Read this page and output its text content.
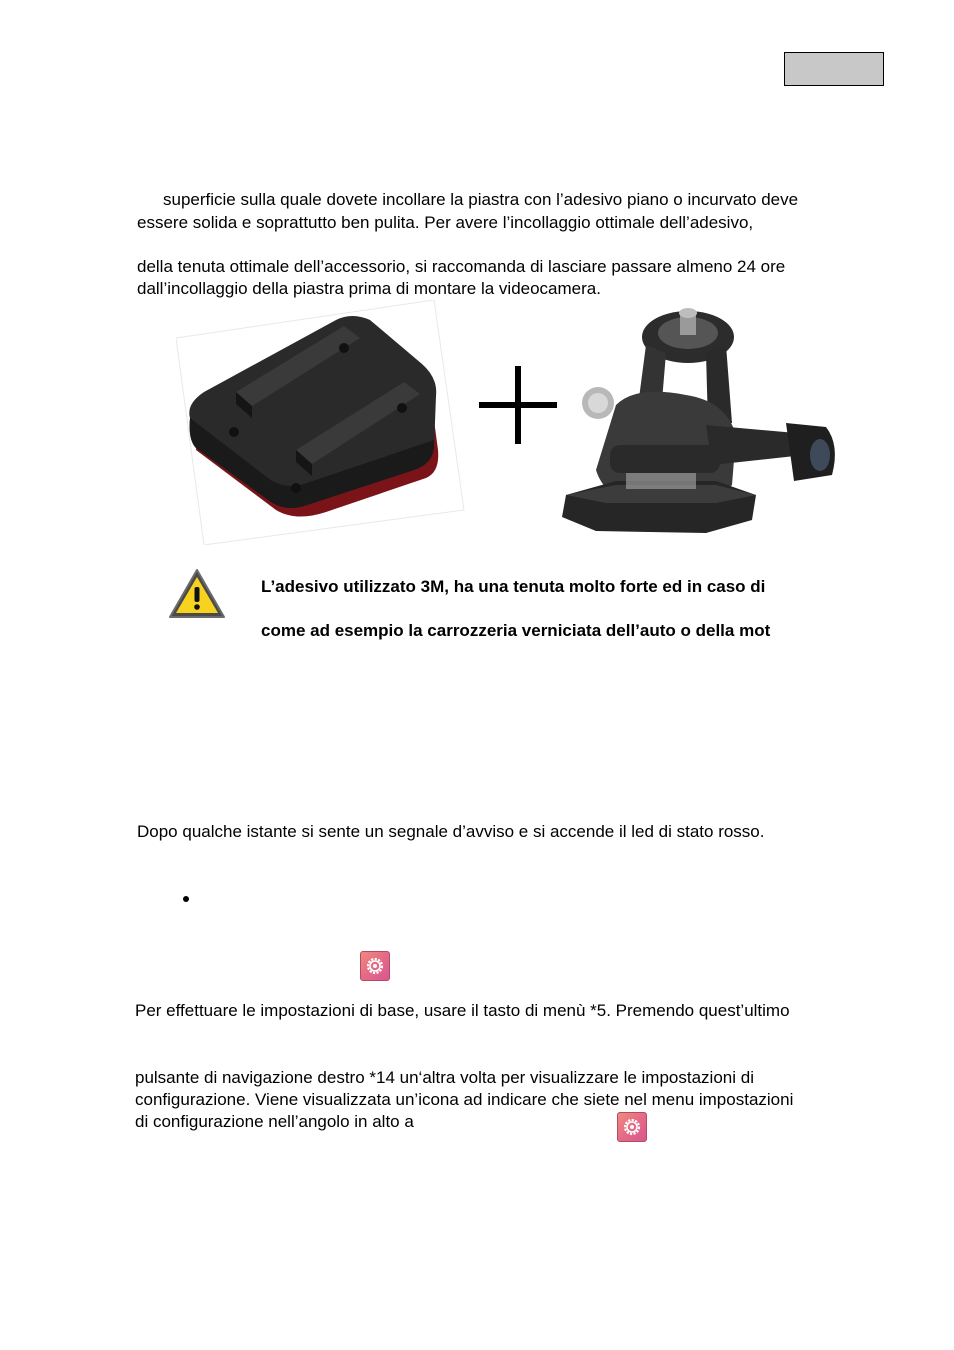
superficie sulla quale dovete incollare la piastra con l’adesivo piano o incurvato deve
essere solida e soprattutto ben pulita. Per avere l’incollaggio ottimale dell’adesivo,
della tenuta ottimale dell’accessorio, si raccomanda di lasciare passare almeno 24 ore
dall’incollaggio della piastra prima di montare la videocamera.
L’adesivo utilizzato 3M, ha una tenuta molto forte ed in caso di
come ad esempio la carrozzeria verniciata dell’auto o della mot
Dopo qualche istante si sente un segnale d’avviso e si accende il led di stato rosso.
Per effettuare le impostazioni di base, usare il tasto di menù *5. Premendo quest’ultimo
pulsante di navigazione destro *14 un‘altra volta per visualizzare le impostazioni di
configurazione. Viene visualizzata un’icona ad indicare che siete nel menu impostazioni
di configurazione nell’angolo in alto a
